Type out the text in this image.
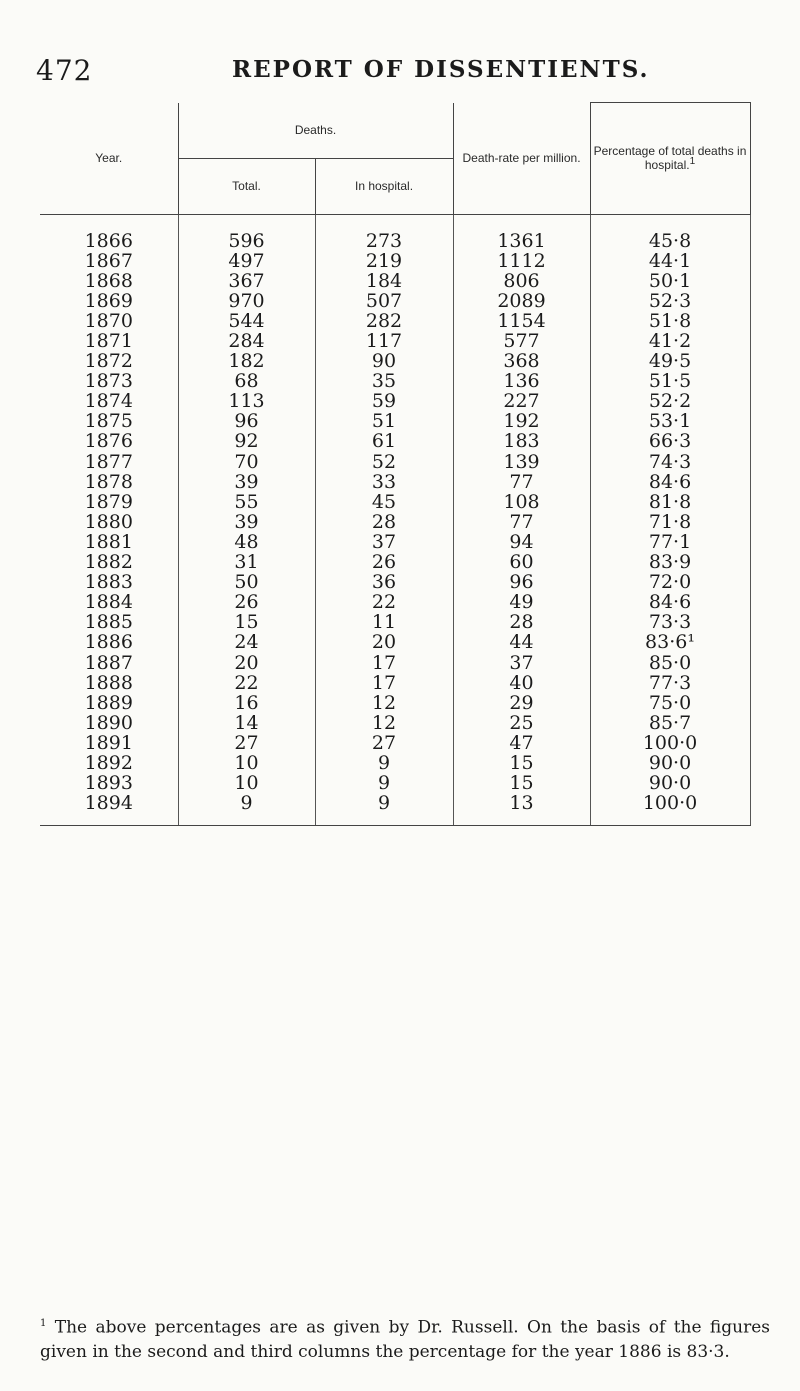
472	REPORT OF DISSENTIENTS.
Year.	Deaths.		Death-rate per million.	Percentage of total deaths in hospital.$^1$
	Total.	In hospital.		
1866	596	273	1361	45·8
1867	497	219	1112	44·1
1868	367	184	806	50·1
1869	970	507	2089	52·3
1870	544	282	1154	51·8
1871	284	117	577	41·2
1872	182	90	368	49·5
1873	68	35	136	51·5
1874	113	59	227	52·2
1875	96	51	192	53·1
1876	92	61	183	66·3
1877	70	52	139	74·3
1878	39	33	77	84·6
1879	55	45	108	81·8
1880	39	28	77	71·8
1881	48	37	94	77·1
1882	31	26	60	83·9
1883	50	36	96	72·0
1884	26	22	49	84·6
1885	15	11	28	73·3
1886	24	20	44	83·6¹
1887	20	17	37	85·0
1888	22	17	40	77·3
1889	16	12	29	75·0
1890	14	12	25	85·7
1891	27	27	47	100·0
1892	10	9	15	90·0
1893	10	9	15	90·0
1894	9	9	13	100·0
$^1$ The above percentages are as given by Dr. Russell. On the basis of the figures given in the second and third columns the percentage for the year 1886 is 83·3.
